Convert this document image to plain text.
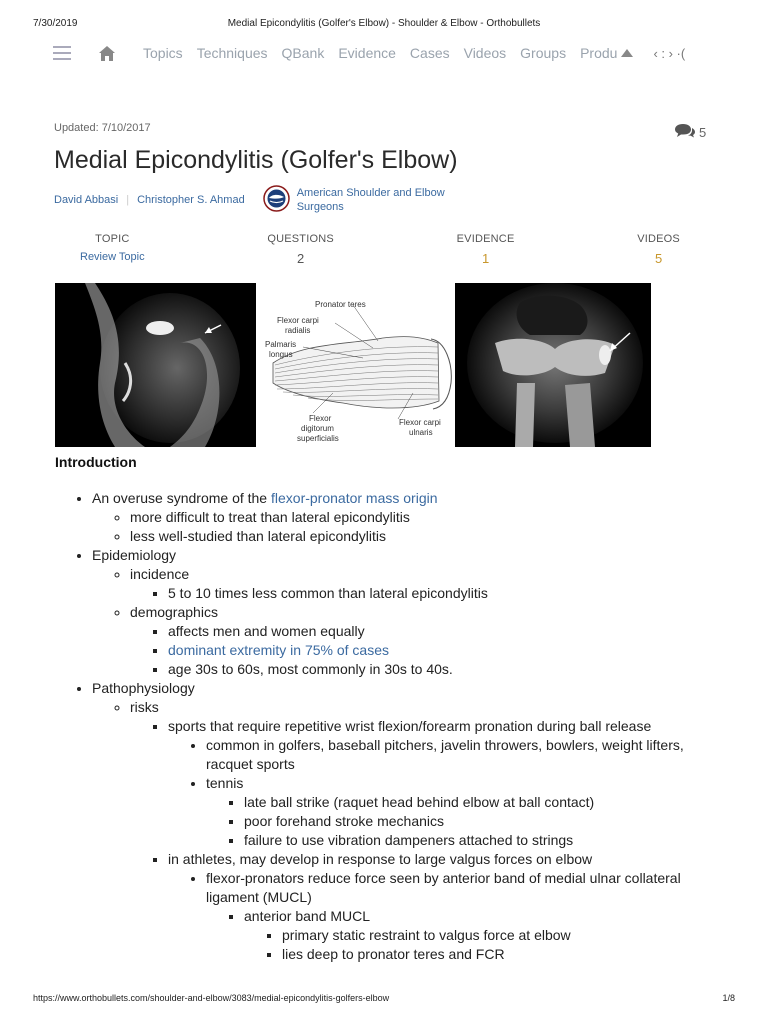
7/30/2019	Medial Epicondylitis (Golfer's Elbow) - Shoulder & Elbow - Orthobullets
Topics Techniques QBank Evidence Cases Videos Groups Produ	‹ : › ·(
Updated: 7/10/2017	5
Medial Epicondylitis (Golfer's Elbow)
David Abbasi | Christopher S. Ahmad
American Shoulder and Elbow Surgeons
TOPIC
Review Topic
QUESTIONS
2
EVIDENCE
1
VIDEOS
5
Pronator teres
Flexor carpi
radialis
Palmaris
longus
Flexor
digitorum
superficialis
Flexor carpi
ulnaris
Introduction
• An overuse syndrome of the flexor-pronator mass origin
◦ more difficult to treat than lateral epicondylitis
◦ less well-studied than lateral epicondylitis
• Epidemiology
◦ incidence
▪ 5 to 10 times less common than lateral epicondylitis
◦ demographics
▪ affects men and women equally
▪ dominant extremity in 75% of cases
▪ age 30s to 60s, most commonly in 30s to 40s.
• Pathophysiology
◦ risks
▪ sports that require repetitive wrist flexion/forearm pronation during ball release
• common in golfers, baseball pitchers, javelin throwers, bowlers, weight lifters, racquet sports
• tennis
▪ late ball strike (raquet head behind elbow at ball contact)
▪ poor forehand stroke mechanics
▪ failure to use vibration dampeners attached to strings
▪ in athletes, may develop in response to large valgus forces on elbow
• flexor-pronators reduce force seen by anterior band of medial ulnar collateral ligament (MUCL)
▪ anterior band MUCL
▪ primary static restraint to valgus force at elbow
▪ lies deep to pronator teres and FCR
https://www.orthobullets.com/shoulder-and-elbow/3083/medial-epicondylitis-golfers-elbow	1/8
